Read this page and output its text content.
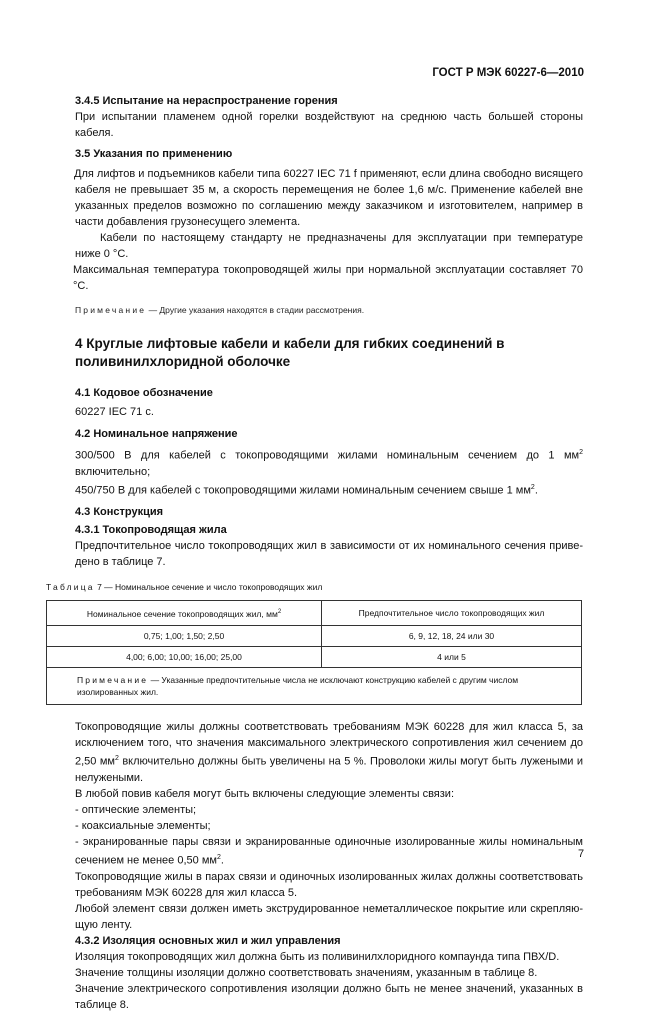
ГОСТ Р МЭК 60227-6—2010
3.4.5 Испытание на нераспространение горения

При испытании пламенем одной горелки воздействуют на среднюю часть большей стороны кабеля.

3.5 Указания по применению

Для лифтов и подъемников кабели типа 60227 IEC 71 f применяют, если длина свободно висящего кабеля не превышает 35 м, а скорость перемещения не более 1,6 м/с. Применение кабелей вне указанных пределов возможно по соглашению между заказчиком и изготовителем, например в части добавления грузонесущего элемента.

Кабели по настоящему стандарту не предназначены для эксплуатации при температуре ниже 0 °С.

Максимальная температура токопроводящей жилы при нормальной эксплуатации составляет 70 °С.

Примечание — Другие указания находятся в стадии рассмотрения.

4 Круглые лифтовые кабели и кабели для гибких соединений в поливинилхлоридной оболочке
4.1 Кодовое обозначение

60227 IEC 71 c.

4.2 Номинальное напряжение

300/500 В для кабелей с токопроводящими жилами номинальным сечением до 1 $мм^2$ включительно;

450/750 В для кабелей с токопроводящими жилами номинальным сечением свыше 1 $мм^2$.

4.3 Конструкция
4.3.1 Токопроводящая жила

Предпочтительное число токопроводящих жил в зависимости от их номинального сечения приведено в таблице 7.

Таблица 7 — Номинальное сечение и число токопроводящих жил

Номинальное сечение токопроводящих жил, $мм^2$	Предпочтительное число токопроводящих жил
0,75; 1,00; 1,50; 2,50	6, 9, 12, 18, 24 или 30
4,00; 6,00; 10,00; 16,00; 25,00	4 или 5
Примечание — Указанные предпочтительные числа не исключают конструкцию кабелей с другим числом изолированных жил.	

Токопроводящие жилы должны соответствовать требованиям МЭК 60228 для жил класса 5, за исключением того, что значения максимального электрического сопротивления жил сечением до 2,50 $мм^2$ включительно должны быть увеличены на 5 %. Проволоки жилы могут быть лужеными и нелужеными.

В любой повив кабеля могут быть включены следующие элементы связи:

- оптические элементы;

- коаксиальные элементы;

- экранированные пары связи и экранированные одиночные изолированные жилы номинальным сечением не менее 0,50 $мм^2$.

Токопроводящие жилы в парах связи и одиночных изолированных жилах должны соответствовать требованиям МЭК 60228 для жил класса 5.

Любой элемент связи должен иметь экструдированное неметаллическое покрытие или скрепляющую ленту.

4.3.2 Изоляция основных жил и жил управления

Изоляция токопроводящих жил должна быть из поливинилхлоридного компаунда типа ПВХ/D.

Значение толщины изоляции должно соответствовать значениям, указанным в таблице 8.

Значение электрического сопротивления изоляции должно быть не менее значений, указанных в таблице 8.

7
